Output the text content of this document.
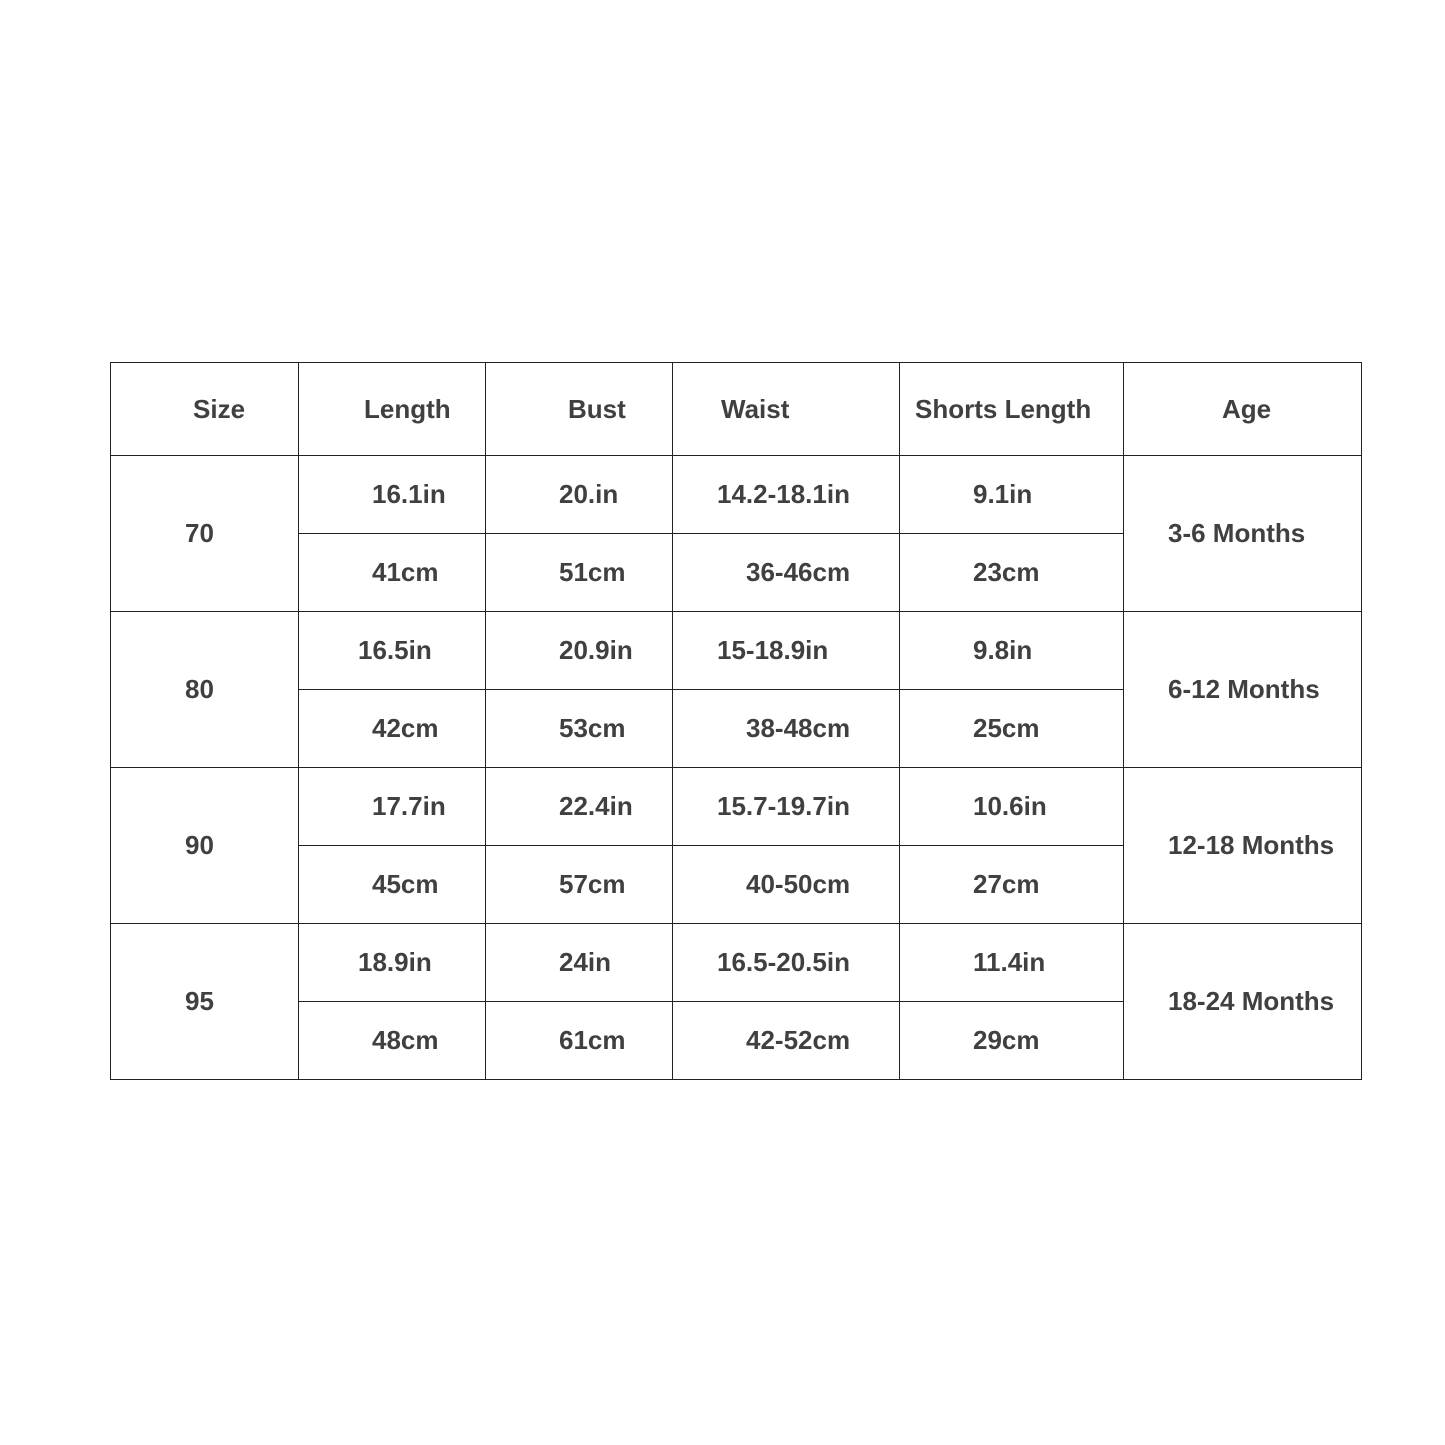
Size	Length	Bust	Waist	Shorts Length	Age
70	16.1in	20.in	14.2-18.1in	9.1in	3-6 Months
	41cm	51cm	36-46cm	23cm	
80	16.5in	20.9in	15-18.9in	9.8in	6-12 Months
	42cm	53cm	38-48cm	25cm	
90	17.7in	22.4in	15.7-19.7in	10.6in	12-18 Months
	45cm	57cm	40-50cm	27cm	
95	18.9in	24in	16.5-20.5in	11.4in	18-24 Months
	48cm	61cm	42-52cm	29cm	
